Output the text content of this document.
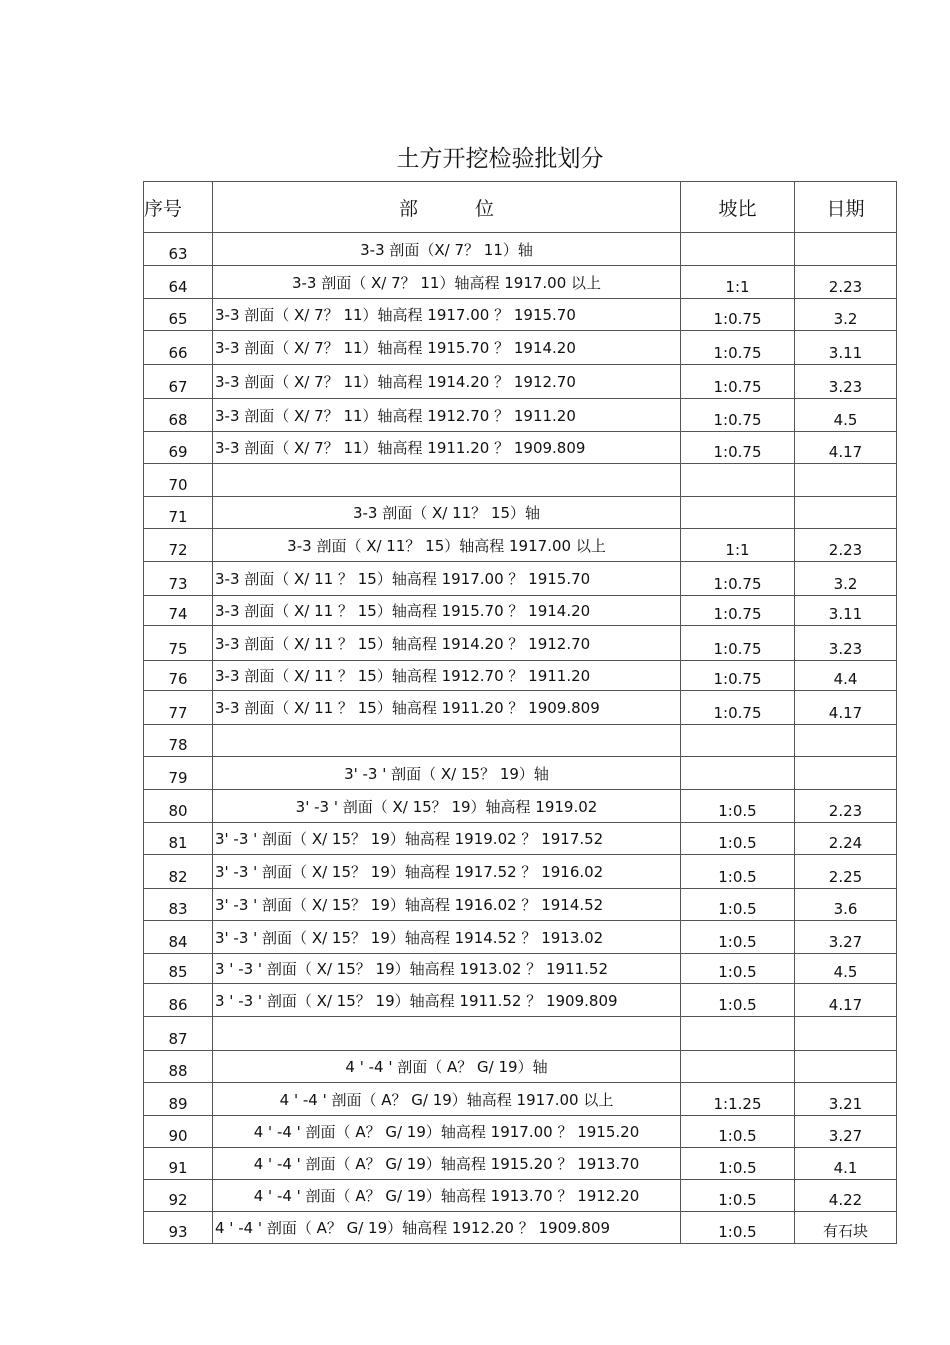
土方开挖检验批划分
序号	部　　　位	坡比	日期
63	3-3 剖面（X/ 7？ 11）轴		
64	3-3 剖面（ X/ 7？ 11）轴高程 1917.00 以上	1:1	2.23
65	3-3 剖面（ X/ 7？ 11）轴高程 1917.00 ？ 1915.70	1:0.75	3.2
66	3-3 剖面（ X/ 7？ 11）轴高程 1915.70 ？ 1914.20	1:0.75	3.11
67	3-3 剖面（ X/ 7？ 11）轴高程 1914.20 ？ 1912.70	1:0.75	3.23
68	3-3 剖面（ X/ 7？ 11）轴高程 1912.70 ？ 1911.20	1:0.75	4.5
69	3-3 剖面（ X/ 7？ 11）轴高程 1911.20 ？ 1909.809	1:0.75	4.17
70			
71	3-3 剖面（ X/ 11？ 15）轴		
72	3-3 剖面（ X/ 11？ 15）轴高程 1917.00 以上	1:1	2.23
73	3-3 剖面（ X/ 11 ？ 15）轴高程 1917.00 ？ 1915.70	1:0.75	3.2
74	3-3 剖面（ X/ 11 ？ 15）轴高程 1915.70 ？ 1914.20	1:0.75	3.11
75	3-3 剖面（ X/ 11 ？ 15）轴高程 1914.20 ？ 1912.70	1:0.75	3.23
76	3-3 剖面（ X/ 11 ？ 15）轴高程 1912.70 ？ 1911.20	1:0.75	4.4
77	3-3 剖面（ X/ 11 ？ 15）轴高程 1911.20 ？ 1909.809	1:0.75	4.17
78			
79	3' -3 ' 剖面（ X/ 15？ 19）轴		
80	3' -3 ' 剖面（ X/ 15？ 19）轴高程 1919.02	1:0.5	2.23
81	3' -3 ' 剖面（ X/ 15？ 19）轴高程 1919.02 ？ 1917.52	1:0.5	2.24
82	3' -3 ' 剖面（ X/ 15？ 19）轴高程 1917.52 ？ 1916.02	1:0.5	2.25
83	3' -3 ' 剖面（ X/ 15？ 19）轴高程 1916.02 ？ 1914.52	1:0.5	3.6
84	3' -3 ' 剖面（ X/ 15？ 19）轴高程 1914.52 ？ 1913.02	1:0.5	3.27
85	3 ' -3 ' 剖面（ X/ 15？ 19）轴高程 1913.02 ？ 1911.52	1:0.5	4.5
86	3 ' -3 ' 剖面（ X/ 15？ 19）轴高程 1911.52 ？ 1909.809	1:0.5	4.17
87			
88	4 ' -4 ' 剖面（ A？ G/ 19）轴		
89	4 ' -4 ' 剖面（ A？ G/ 19）轴高程 1917.00 以上	1:1.25	3.21
90	4 ' -4 ' 剖面（ A？ G/ 19）轴高程 1917.00 ？ 1915.20	1:0.5	3.27
91	4 ' -4 ' 剖面（ A？ G/ 19）轴高程 1915.20 ？ 1913.70	1:0.5	4.1
92	4 ' -4 ' 剖面（ A？ G/ 19）轴高程 1913.70 ？ 1912.20	1:0.5	4.22
93	4 ' -4 ' 剖面（ A？ G/ 19）轴高程 1912.20 ？ 1909.809	1:0.5	有石块
